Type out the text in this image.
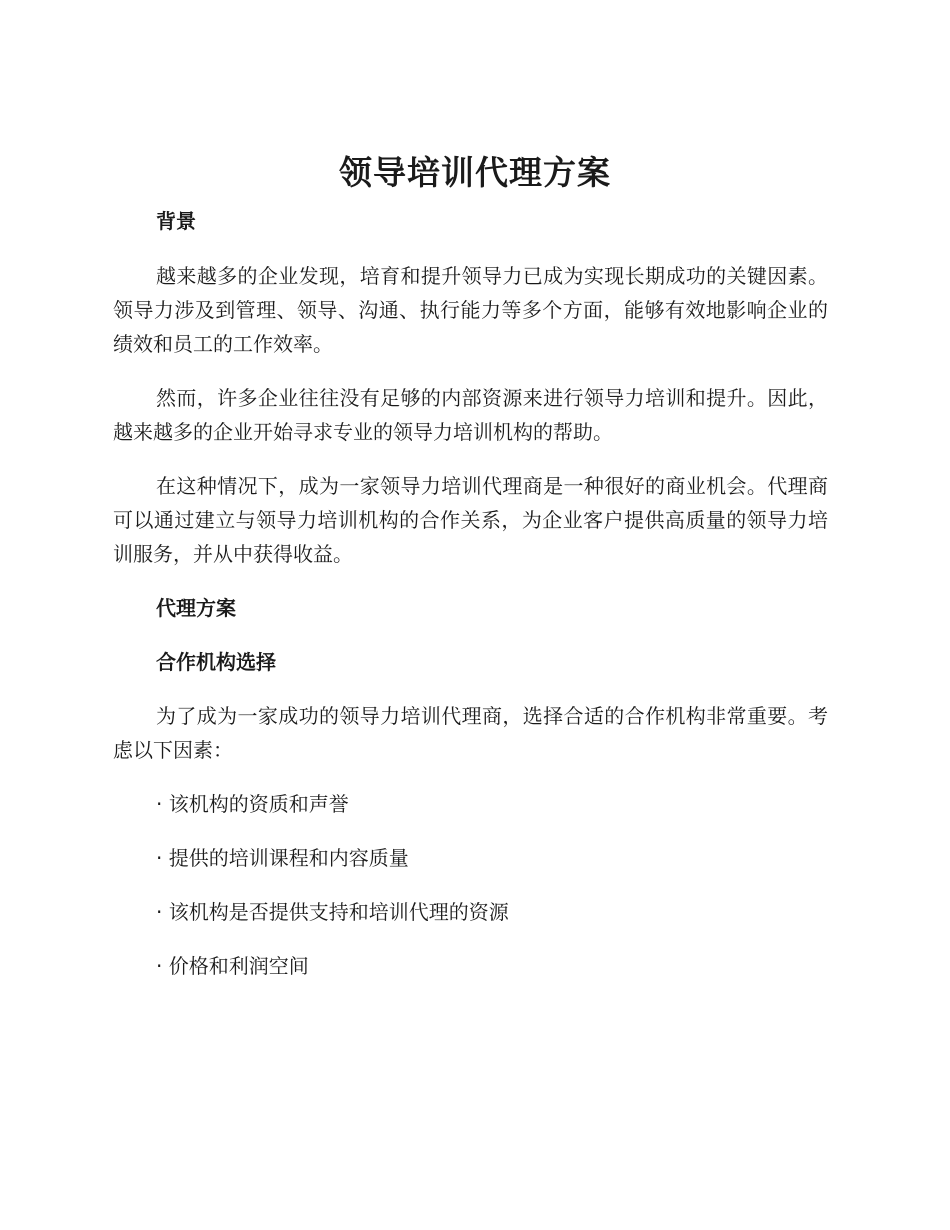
领导培训代理方案

背景

越来越多的企业发现，培育和提升领导力已成为实现长期成功的关键因素。领导力涉及到管理、领导、沟通、执行能力等多个方面，能够有效地影响企业的绩效和员工的工作效率。

然而，许多企业往往没有足够的内部资源来进行领导力培训和提升。因此，越来越多的企业开始寻求专业的领导力培训机构的帮助。

在这种情况下，成为一家领导力培训代理商是一种很好的商业机会。代理商可以通过建立与领导力培训机构的合作关系，为企业客户提供高质量的领导力培训服务，并从中获得收益。

代理方案

合作机构选择

为了成为一家成功的领导力培训代理商，选择合适的合作机构非常重要。考虑以下因素：

· 该机构的资质和声誉

· 提供的培训课程和内容质量

· 该机构是否提供支持和培训代理的资源

· 价格和利润空间
